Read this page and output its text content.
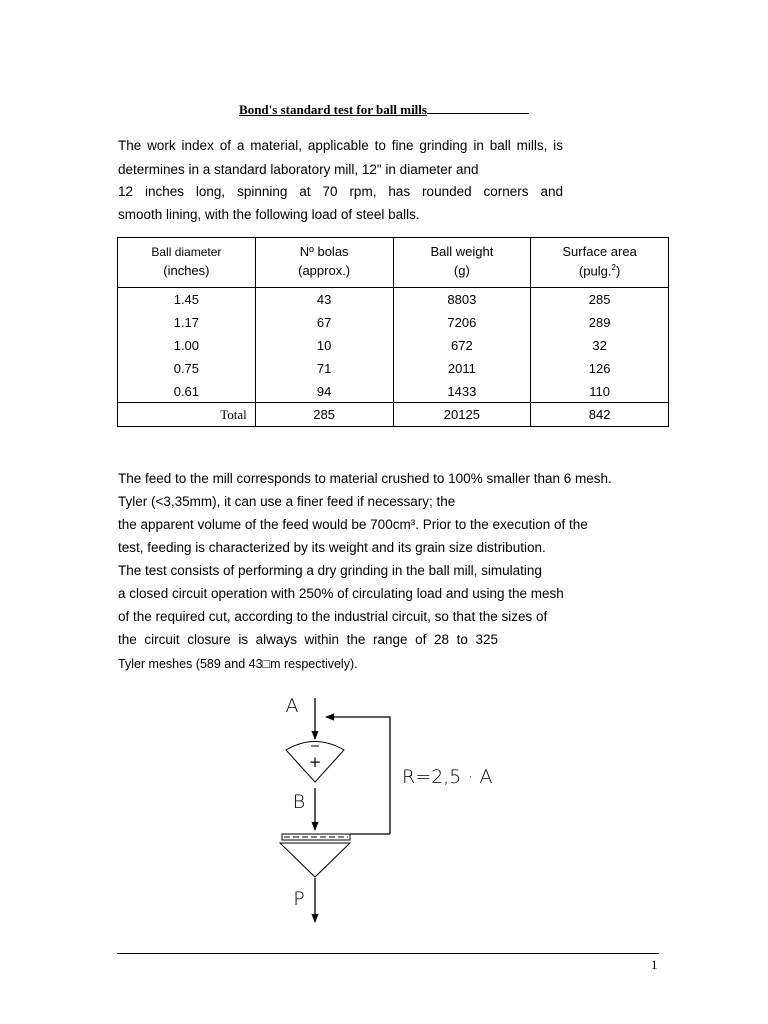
Bond's standard test for ball mills
The work index of a material, applicable to fine grinding in ball mills, is
determines in a standard laboratory mill, 12" in diameter and
12 inches long, spinning at 70 rpm, has rounded corners and
smooth lining, with the following load of steel balls.
Ball diameter	Nº bolas	Ball weight	Surface area
(inches)	(approx.)	(g)	(pulg.$^2$)
1.45	43	8803	285
1.17	67	7206	289
1.00	10	672	32
0.75	71	2011	126
0.61	94	1433	110
Total	285	20125	842
The feed to the mill corresponds to material crushed to 100% smaller than 6 mesh.
Tyler (<3,35mm), it can use a finer feed if necessary; the
the apparent volume of the feed would be 700cm³. Prior to the execution of the
test, feeding is characterized by its weight and its grain size distribution.
The test consists of performing a dry grinding in the ball mill, simulating
a closed circuit operation with 250% of circulating load and using the mesh
of the required cut, according to the industrial circuit, so that the sizes of
the circuit closure is always within the range of 28 to 325
Tyler meshes (589 and 43□m respectively).
A
+
B
P
R=2,5 · A
1
